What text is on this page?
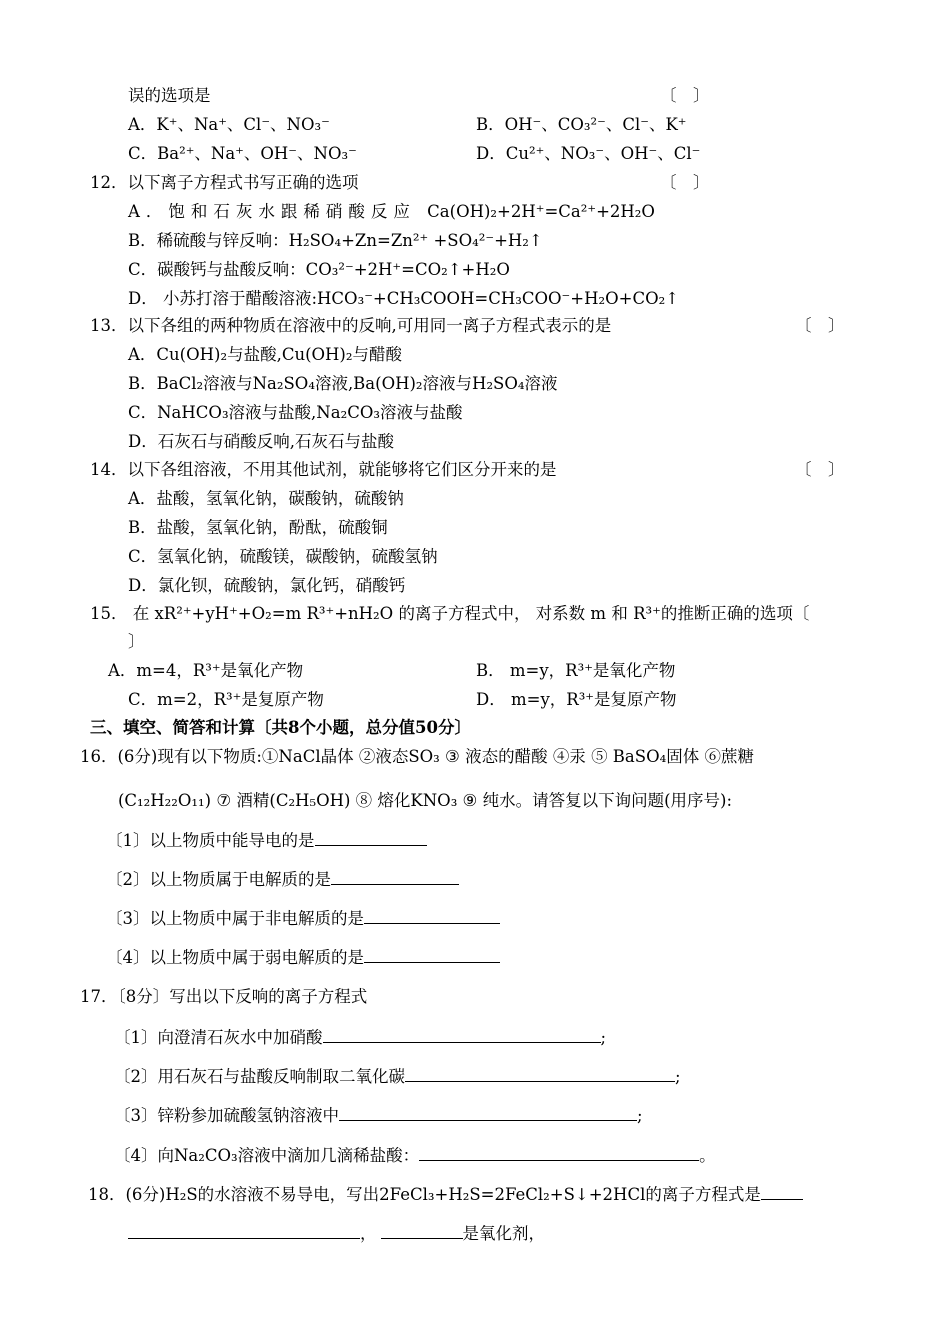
误的选项是	〔　〕
A．K⁺、Na⁺、Cl⁻、NO₃⁻	B．OH⁻、CO₃²⁻、Cl⁻、K⁺
C．Ba²⁺、Na⁺、OH⁻、NO₃⁻	D．Cu²⁺、NO₃⁻、OH⁻、Cl⁻
12．以下离子方程式书写正确的选项	〔　〕
A．饱和石灰水跟稀硝酸反应 Ca(OH)₂+2H⁺=Ca²⁺+2H₂O
B．稀硫酸与锌反响：H₂SO₄+Zn=Zn²⁺ +SO₄²⁻+H₂↑
C．碳酸钙与盐酸反响：CO₃²⁻+2H⁺=CO₂↑+H₂O
D． 小苏打溶于醋酸溶液:HCO₃⁻+CH₃COOH=CH₃COO⁻+H₂O+CO₂↑
13．以下各组的两种物质在溶液中的反响,可用同一离子方程式表示的是	〔　〕
A．Cu(OH)₂与盐酸,Cu(OH)₂与醋酸
B．BaCl₂溶液与Na₂SO₄溶液,Ba(OH)₂溶液与H₂SO₄溶液
C．NaHCO₃溶液与盐酸,Na₂CO₃溶液与盐酸
D．石灰石与硝酸反响,石灰石与盐酸
14．以下各组溶液，不用其他试剂，就能够将它们区分开来的是	〔　〕
A．盐酸，氢氧化钠，碳酸钠，硫酸钠
B．盐酸，氢氧化钠，酚酞，硫酸铜
C．氢氧化钠，硫酸镁，碳酸钠，硫酸氢钠
D．氯化钡，硫酸钠，氯化钙，硝酸钙
15． 在 xR²⁺+yH⁺+O₂=m R³⁺+nH₂O 的离子方程式中， 对系数 m 和 R³⁺的推断正确的选项〔
〕
A．m=4，R³⁺是氧化产物	B． m=y，R³⁺是氧化产物
C．m=2，R³⁺是复原产物	D． m=y，R³⁺是复原产物
三、填空、简答和计算〔共8个小题，总分值50分〕
16．(6分)现有以下物质:①NaCl晶体 ②液态SO₃ ③ 液态的醋酸 ④汞 ⑤ BaSO₄固体 ⑥蔗糖
(C₁₂H₂₂O₁₁) ⑦ 酒精(C₂H₅OH) ⑧ 熔化KNO₃ ⑨ 纯水。请答复以下询问题(用序号):
〔1〕以上物质中能导电的是
〔2〕以上物质属于电解质的是
〔3〕以上物质中属于非电解质的是
〔4〕以上物质中属于弱电解质的是
17．〔8分〕写出以下反响的离子方程式
〔1〕向澄清石灰水中加硝酸	;
〔2〕用石灰石与盐酸反响制取二氧化碳	;
〔3〕锌粉参加硫酸氢钠溶液中	;
〔4〕向Na₂CO₃溶液中滴加几滴稀盐酸：	。
18．(6分)H₂S的水溶液不易导电，写出2FeCl₃+H₂S=2FeCl₂+S↓+2HCl的离子方程式是
，	是氧化剂，
